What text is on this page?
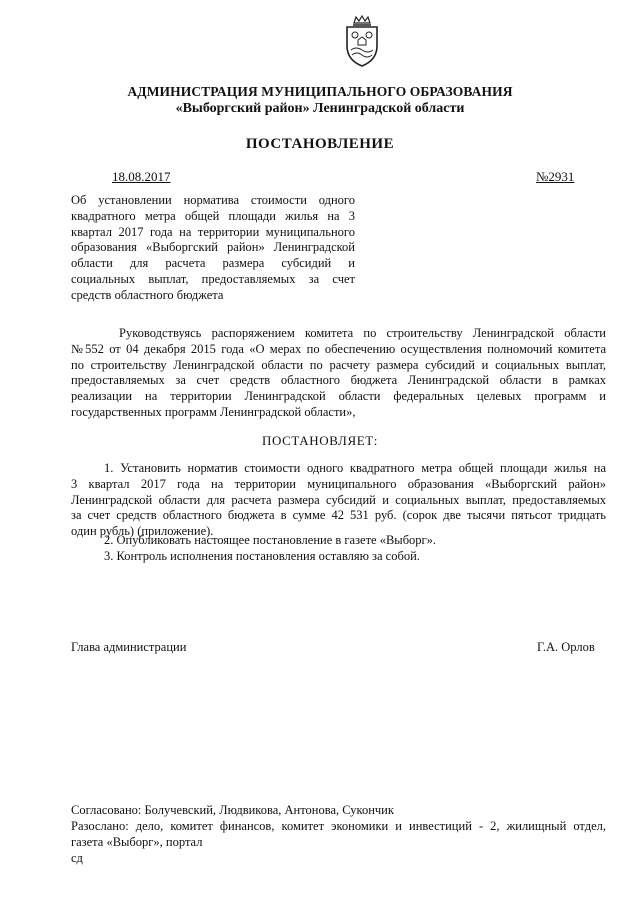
АДМИНИСТРАЦИЯ МУНИЦИПАЛЬНОГО ОБРАЗОВАНИЯ
«Выборгский район» Ленинградской области
ПОСТАНОВЛЕНИЕ
18.08.2017	№2931
Об установлении норматива стоимости одного
квадратного метра общей площади жилья на 3
квартал 2017 года на территории муниципального
образования «Выборгский район» Ленинградской
области для расчета размера субсидий и
социальных выплат, предоставляемых за счет
средств областного бюджета
Руководствуясь распоряжением комитета по строительству Ленинградской области
№552 от 04 декабря 2015 года «О мерах по обеспечению осуществления полномочий комитета
по строительству Ленинградской области по расчету размера субсидий и социальных выплат,
предоставляемых за счет средств областного бюджета Ленинградской области в рамках
реализации на территории Ленинградской области федеральных целевых программ и
государственных программ Ленинградской области»,
ПОСТАНОВЛЯЕТ:
1. Установить норматив стоимости одного квадратного метра общей площади жилья на
3 квартал 2017 года на территории муниципального образования «Выборгский район»
Ленинградской области для расчета размера субсидий и социальных выплат, предоставляемых
за счет средств областного бюджета в сумме 42 531 руб. (сорок две тысячи пятьсот тридцать
один рубль) (приложение).
2. Опубликовать настоящее постановление в газете «Выборг».
3. Контроль исполнения постановления оставляю за собой.
Глава администрации	Г.А. Орлов
Согласовано: Болучевский, Людвикова, Антонова, Сукончик
Разослано: дело, комитет финансов, комитет экономики и инвестиций - 2, жилищный отдел,
газета «Выборг», портал
сд
